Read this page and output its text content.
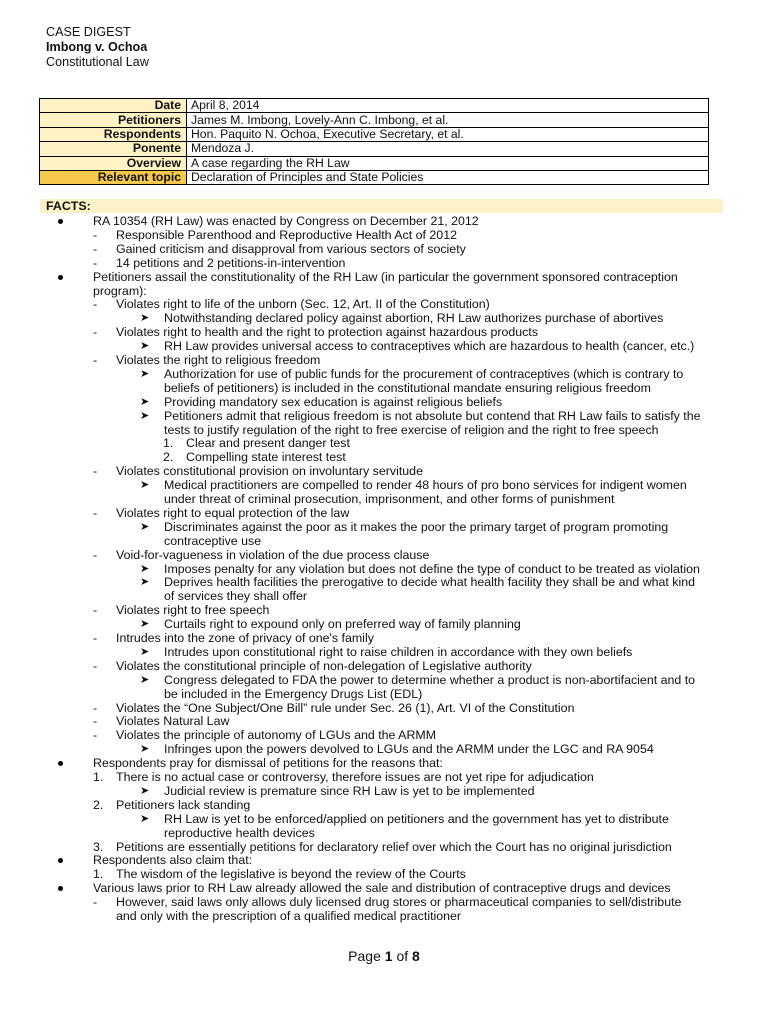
CASE DIGEST
Imbong v. Ochoa
Constitutional Law
Date	April 8, 2014
Petitioners	James M. Imbong, Lovely-Ann C. Imbong, et al.
Respondents	Hon. Paquito N. Ochoa, Executive Secretary, et al.
Ponente	Mendoza J.
Overview	A case regarding the RH Law
Relevant topic	Declaration of Principles and State Policies
FACTS:
RA 10354 (RH Law) was enacted by Congress on December 21, 2012
- Responsible Parenthood and Reproductive Health Act of 2012
- Gained criticism and disapproval from various sectors of society
- 14 petitions and 2 petitions-in-intervention
Petitioners assail the constitutionality of the RH Law (in particular the government sponsored contraception
program):
- Violates right to life of the unborn (Sec. 12, Art. II of the Constitution)
➤ Notwithstanding declared policy against abortion, RH Law authorizes purchase of abortives
- Violates right to health and the right to protection against hazardous products
➤ RH Law provides universal access to contraceptives which are hazardous to health (cancer, etc.)
- Violates the right to religious freedom
➤ Authorization for use of public funds for the procurement of contraceptives (which is contrary to
beliefs of petitioners) is included in the constitutional mandate ensuring religious freedom
➤ Providing mandatory sex education is against religious beliefs
➤ Petitioners admit that religious freedom is not absolute but contend that RH Law fails to satisfy the
tests to justify regulation of the right to free exercise of religion and the right to free speech
1. Clear and present danger test
2. Compelling state interest test
- Violates constitutional provision on involuntary servitude
➤ Medical practitioners are compelled to render 48 hours of pro bono services for indigent women
under threat of criminal prosecution, imprisonment, and other forms of punishment
- Violates right to equal protection of the law
➤ Discriminates against the poor as it makes the poor the primary target of program promoting
contraceptive use
- Void-for-vagueness in violation of the due process clause
➤ Imposes penalty for any violation but does not define the type of conduct to be treated as violation
➤ Deprives health facilities the prerogative to decide what health facility they shall be and what kind
of services they shall offer
- Violates right to free speech
➤ Curtails right to expound only on preferred way of family planning
- Intrudes into the zone of privacy of one's family
➤ Intrudes upon constitutional right to raise children in accordance with they own beliefs
- Violates the constitutional principle of non-delegation of Legislative authority
➤ Congress delegated to FDA the power to determine whether a product is non-abortifacient and to
be included in the Emergency Drugs List (EDL)
- Violates the “One Subject/One Bill” rule under Sec. 26 (1), Art. VI of the Constitution
- Violates Natural Law
- Violates the principle of autonomy of LGUs and the ARMM
➤ Infringes upon the powers devolved to LGUs and the ARMM under the LGC and RA 9054
Respondents pray for dismissal of petitions for the reasons that:
1. There is no actual case or controversy, therefore issues are not yet ripe for adjudication
➤ Judicial review is premature since RH Law is yet to be implemented
2. Petitioners lack standing
➤ RH Law is yet to be enforced/applied on petitioners and the government has yet to distribute
reproductive health devices
3. Petitions are essentially petitions for declaratory relief over which the Court has no original jurisdiction
Respondents also claim that:
1. The wisdom of the legislative is beyond the review of the Courts
Various laws prior to RH Law already allowed the sale and distribution of contraceptive drugs and devices
- However, said laws only allows duly licensed drug stores or pharmaceutical companies to sell/distribute
and only with the prescription of a qualified medical practitioner
Page 1 of 8
